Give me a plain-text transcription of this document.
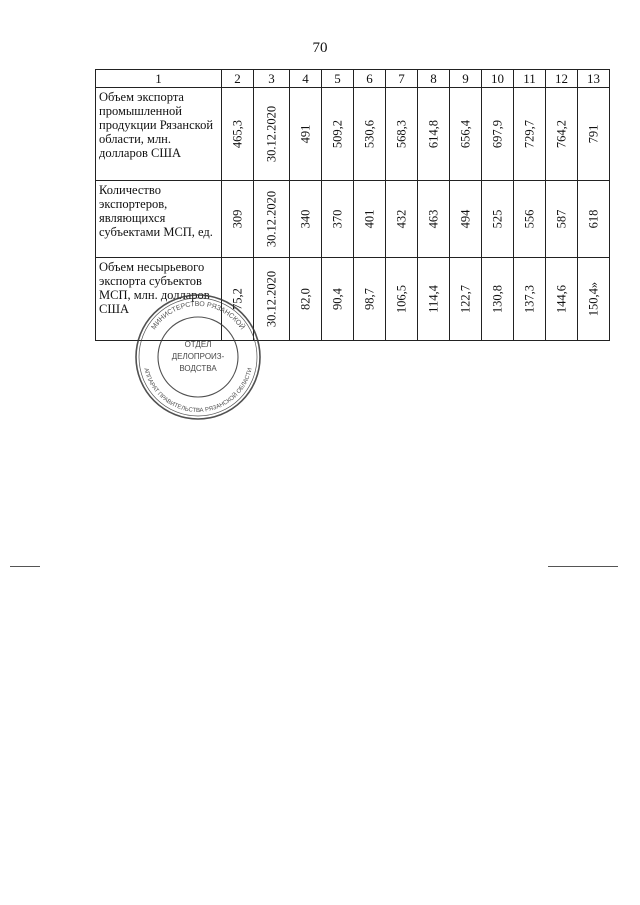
70
1	2	3	4	5	6	7	8	9	10	11	12	13
Объем экспорта промышленной продукции Рязанской области, млн. долларов США	465,3	30.12.2020	491	509,2	530,6	568,3	614,8	656,4	697,9	729,7	764,2	791

Количество экспортеров, являющихся субъектами МСП, ед.	309	30.12.2020	340	370	401	432	463	494	525	556	587	618

Объем несырьевого экспорта субъектов МСП, млн. долларов США	75,2	30.12.2020	82,0	90,4	98,7	106,5	114,4	122,7	130,8	137,3	144,6	150,4»
МИНИСТЕРСТВО РЯЗАНСКОЙ
АППАРАТ ПРАВИТЕЛЬСТВА РЯЗАНСКОЙ ОБЛАСТИ
ОТДЕЛ
ДЕЛОПРОИЗ-
ВОДСТВА
